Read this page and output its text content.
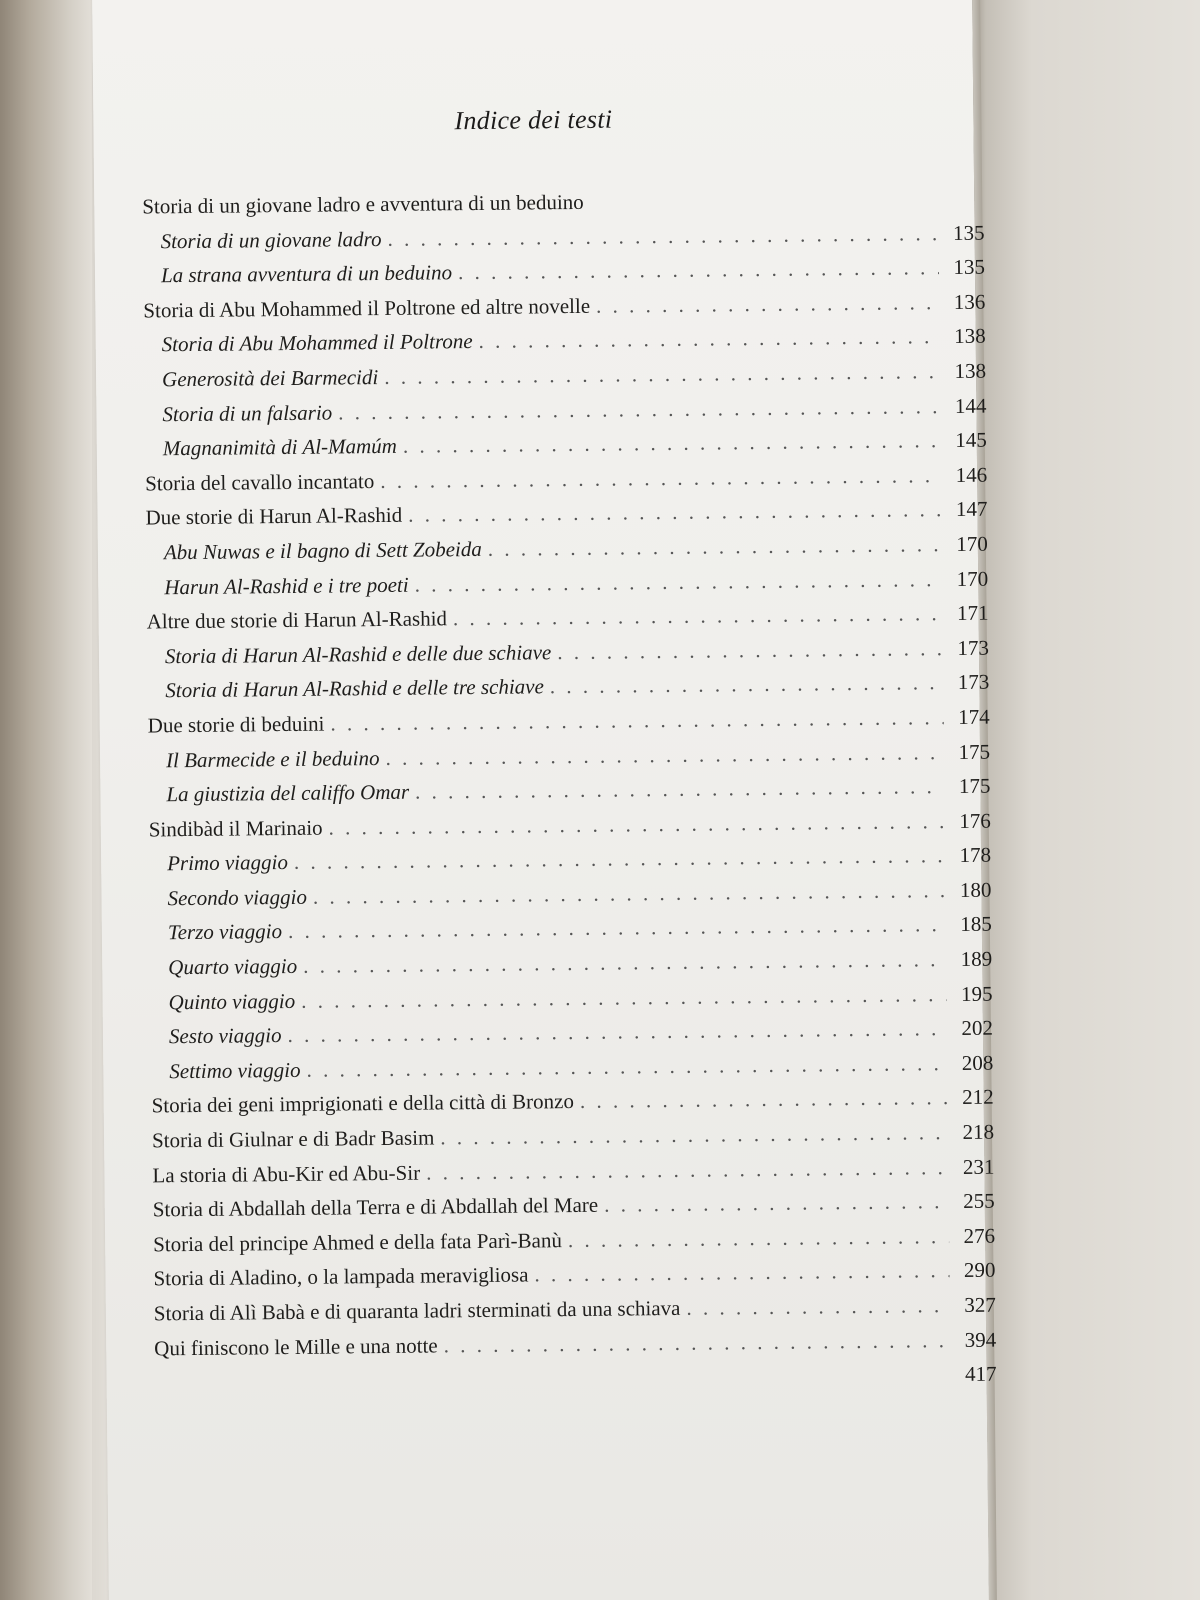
Indice dei testi
Storia di un giovane ladro e avventura di un beduino
Storia di un giovane ladro . . .	135
La strana avventura di un beduino . . .	135
Storia di Abu Mohammed il Poltrone ed altre novelle . . .	136
Storia di Abu Mohammed il Poltrone . . .	138
Generosità dei Barmecidi . . .	138
Storia di un falsario . . .	144
Magnanimità di Al-Mamúm . . .	145
Storia del cavallo incantato . . .	146
Due storie di Harun Al-Rashid . . .	147
Abu Nuwas e il bagno di Sett Zobeida . . .	170
Harun Al-Rashid e i tre poeti . . .	170
Altre due storie di Harun Al-Rashid . . .	171
Storia di Harun Al-Rashid e delle due schiave . . .	173
Storia di Harun Al-Rashid e delle tre schiave . . .	173
Due storie di beduini . . .	174
Il Barmecide e il beduino . . .	175
La giustizia del califfo Omar . . .	175
Sindibàd il Marinaio . . .	176
Primo viaggio . . .	178
Secondo viaggio . . .	180
Terzo viaggio . . .	185
Quarto viaggio . . .	189
Quinto viaggio . . .	195
Sesto viaggio . . .	202
Settimo viaggio . . .	208
Storia dei geni imprigionati e della città di Bronzo . . .	212
Storia di Giulnar e di Badr Basim . . .	218
La storia di Abu-Kir ed Abu-Sir . . .	231
Storia di Abdallah della Terra e di Abdallah del Mare . . .	255
Storia del principe Ahmed e della fata Parì-Banù . . .	276
Storia di Aladino, o la lampada meravigliosa . . .	290
Storia di Alì Babà e di quaranta ladri sterminati da una schiava . . .	327
Qui finiscono le Mille e una notte . . .	394
417
